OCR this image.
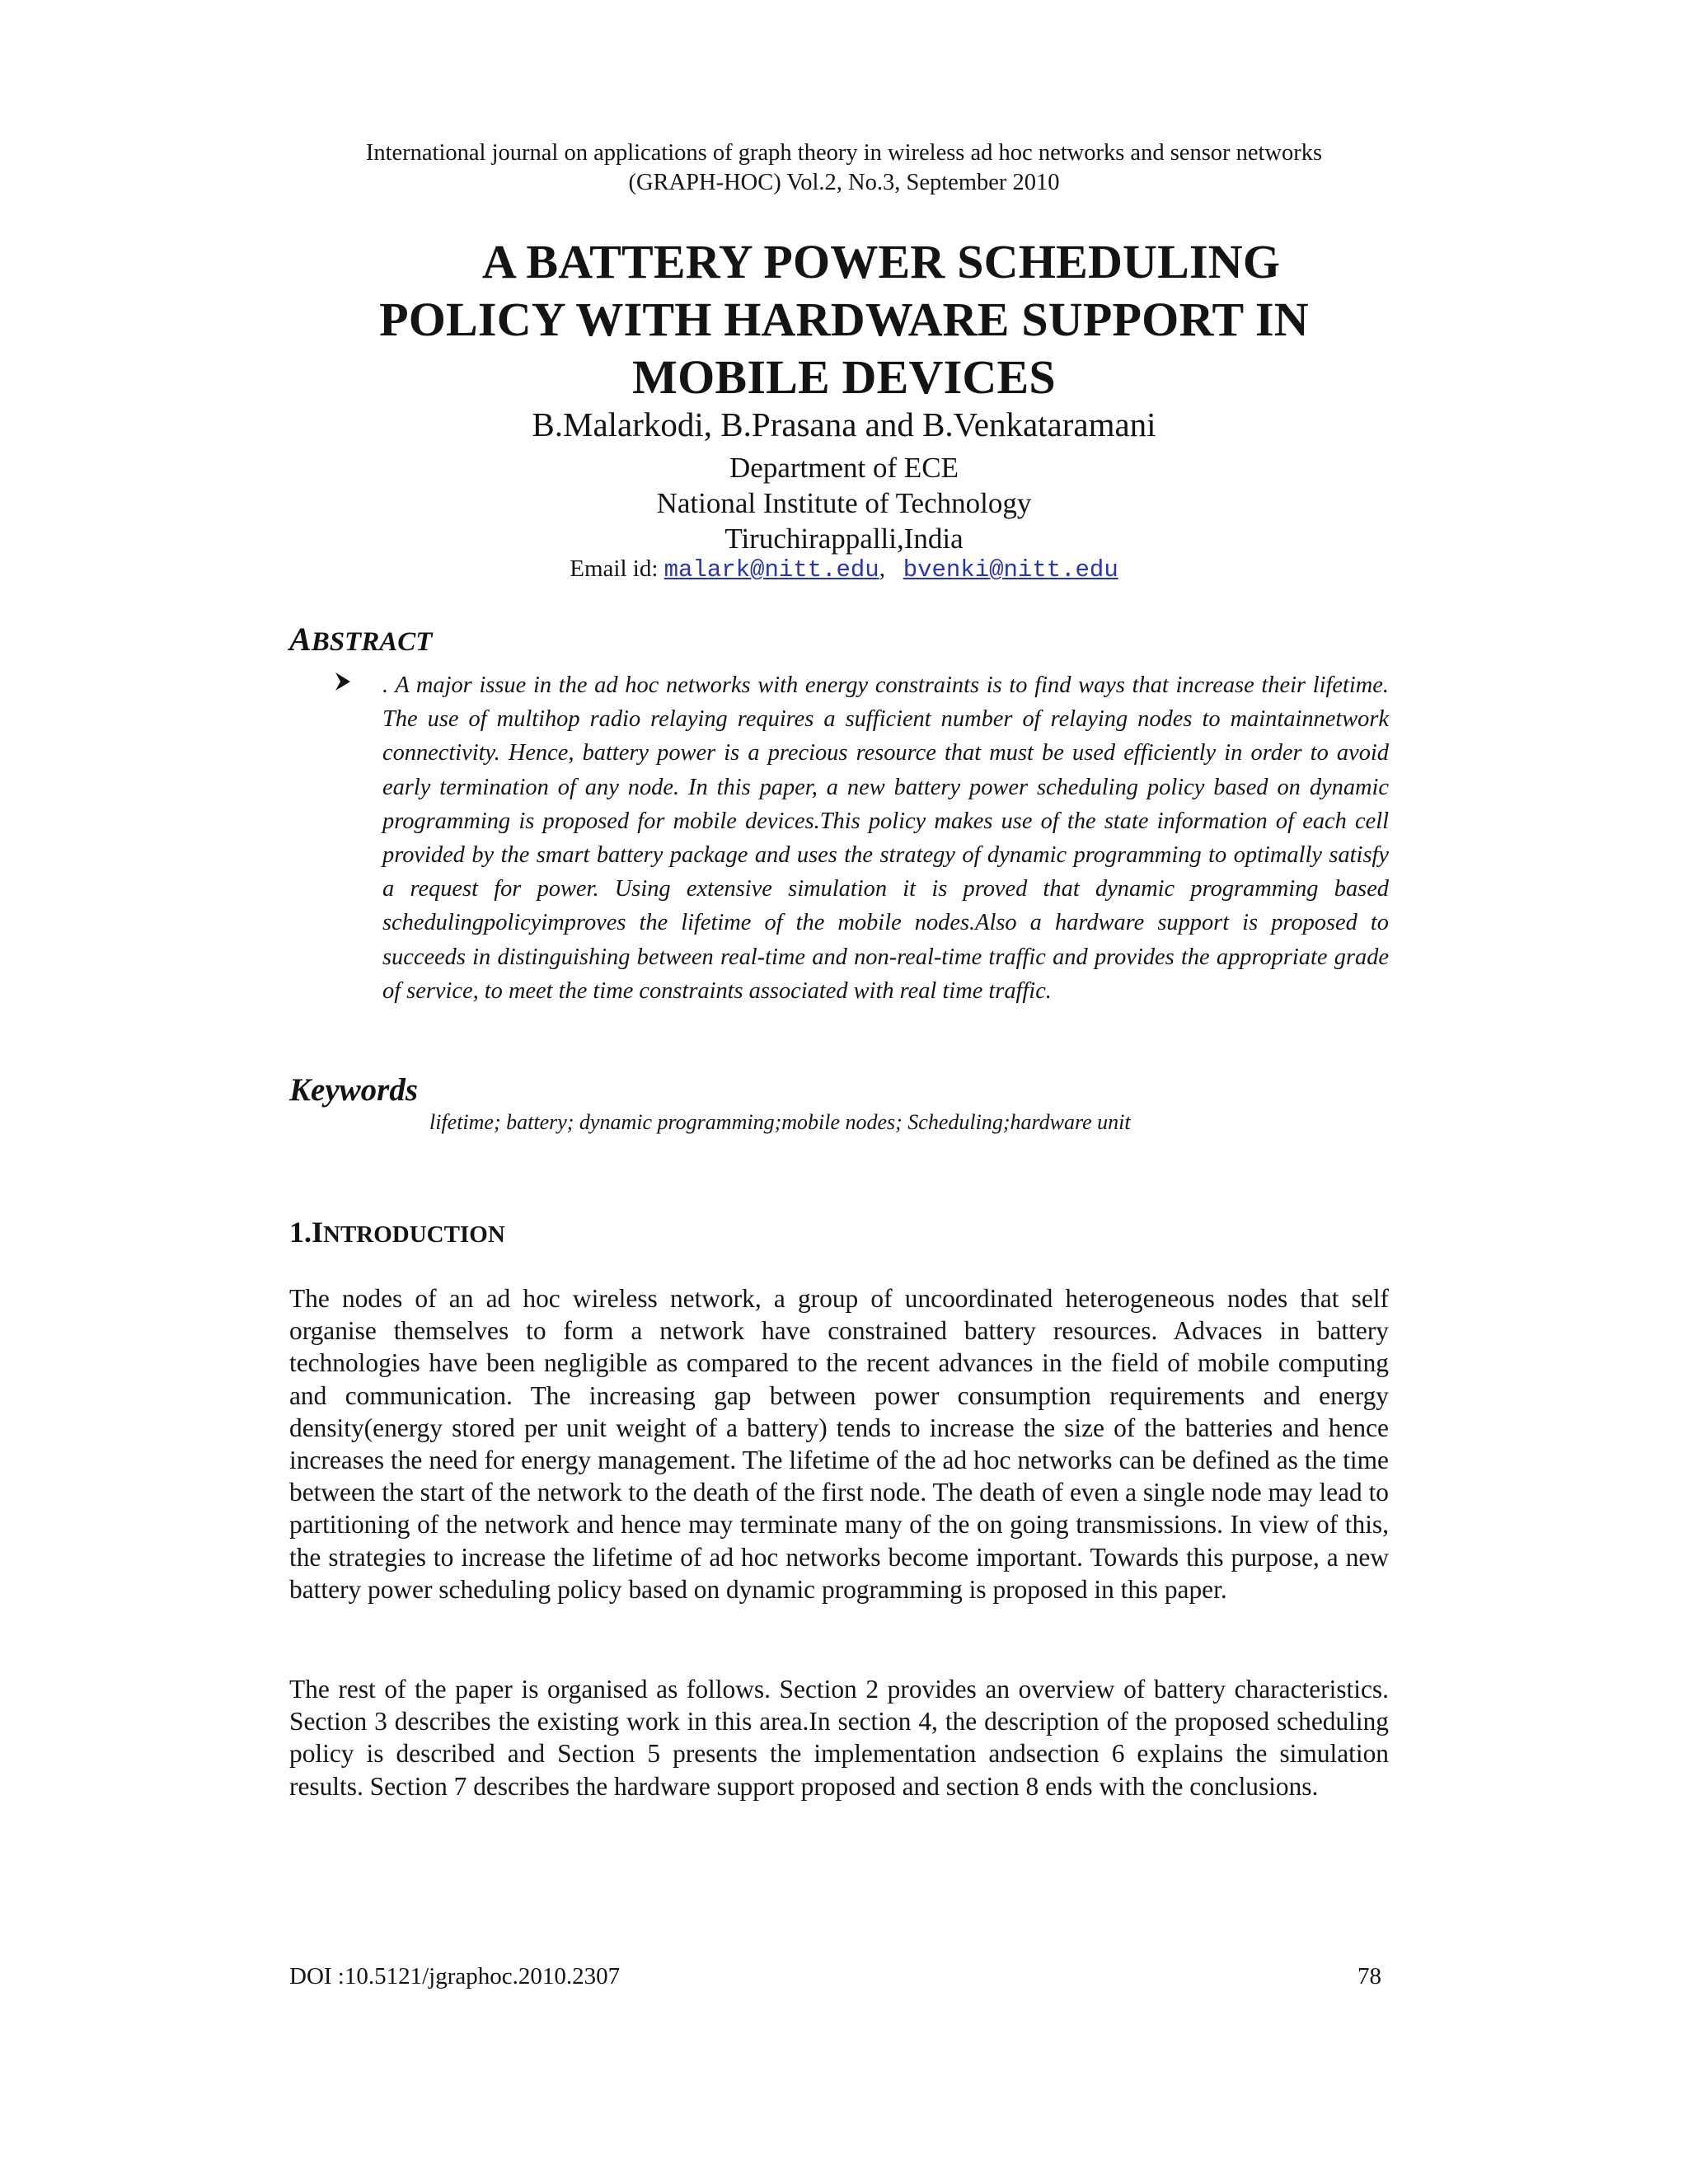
International journal on applications of graph theory in wireless ad hoc networks and sensor networks
(GRAPH-HOC) Vol.2, No.3, September 2010
A BATTERY POWER SCHEDULING
POLICY WITH HARDWARE SUPPORT IN
MOBILE DEVICES
B.Malarkodi, B.Prasana and B.Venkataramani
Department of ECE
National Institute of Technology
Tiruchirappalli,India
Email id: malark@nitt.edu, bvenki@nitt.edu
ABSTRACT
. A major issue in the ad hoc networks with energy constraints is to find ways that increase their lifetime. The use of multihop radio relaying requires a sufficient number of relaying nodes to maintainnetwork connectivity. Hence, battery power is a precious resource that must be used efficiently in order to avoid early termination of any node. In this paper, a new battery power scheduling policy based on dynamic programming is proposed for mobile devices.This policy makes use of the state information of each cell provided by the smart battery package and uses the strategy of dynamic programming to optimally satisfy a request for power. Using extensive simulation it is proved that dynamic programming based schedulingpolicyimproves the lifetime of the mobile nodes.Also a hardware support is proposed to succeeds in distinguishing between real-time and non-real-time traffic and provides the appropriate grade of service, to meet the time constraints associated with real time traffic.
Keywords
lifetime; battery; dynamic programming;mobile nodes; Scheduling;hardware unit
1.INTRODUCTION
The nodes of an ad hoc wireless network, a group of uncoordinated heterogeneous nodes that self organise themselves to form a network have constrained battery resources. Advaces in battery technologies have been negligible as compared to the recent advances in the field of mobile computing and communication. The increasing gap between power consumption requirements and energy density(energy stored per unit weight of a battery) tends to increase the size of the batteries and hence increases the need for energy management. The lifetime of the ad hoc networks can be defined as the time between the start of the network to the death of the first node. The death of even a single node may lead to partitioning of the network and hence may terminate many of the on going transmissions. In view of this, the strategies to increase the lifetime of ad hoc networks become important. Towards this purpose, a new battery power scheduling policy based on dynamic programming is proposed in this paper.
The rest of the paper is organised as follows. Section 2 provides an overview of battery characteristics. Section 3 describes the existing work in this area.In section 4, the description of the proposed scheduling policy is described and Section 5 presents the implementation andsection 6 explains the simulation results. Section 7 describes the hardware support proposed and section 8 ends with the conclusions.
DOI :10.5121/jgraphoc.2010.2307	78
